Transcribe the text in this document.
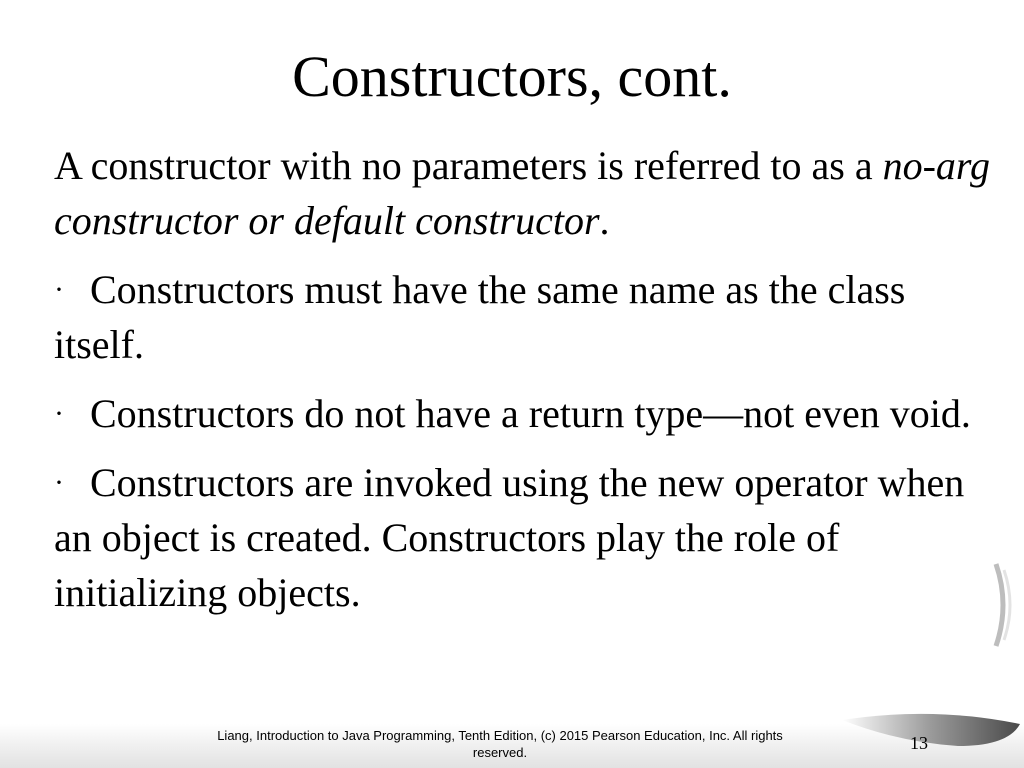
Constructors, cont.

A constructor with no parameters is referred to as a no-arg constructor or default constructor.

· Constructors must have the same name as the class itself.

· Constructors do not have a return type—not even void.

· Constructors are invoked using the new operator when an object is created. Constructors play the role of initializing objects.

Liang, Introduction to Java Programming, Tenth Edition, (c) 2015 Pearson Education, Inc. All rights reserved.	13
